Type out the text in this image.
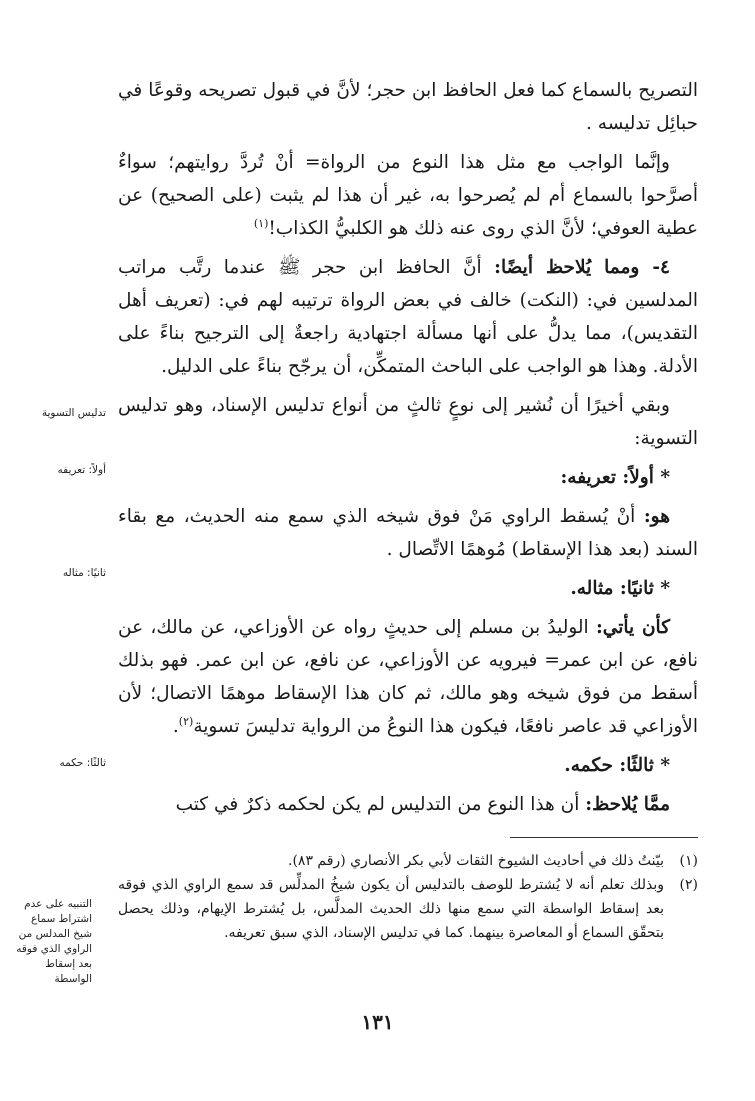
التصريح بالسماع كما فعل الحافظ ابن حجر؛ لأنَّ في قبول تصريحه وقوعًا في حبائِل تدليسه .

وإنَّما الواجب مع مثل هذا النوع من الرواة= أنْ تُردَّ روايتهم؛ سواءٌ أصرَّحوا بالسماع أم لم يُصرحوا به، غير أن هذا لم يثبت (على الصحيح) عن عطية العوفي؛ لأنَّ الذي روى عنه ذلك هو الكلبيُّ الكذاب!$^{(١)}$

٤- ومما يُلاحظ أيضًا: أنَّ الحافظ ابن حجر ﷺ عندما رتَّب مراتب المدلسين في: (النكت) خالف في بعض الرواة ترتيبه لهم في: (تعريف أهل التقديس)، مما يدلُّ على أنها مسألة اجتهادية راجعةٌ إلى الترجيح بناءً على الأدلة. وهذا هو الواجب على الباحث المتمكِّن، أن يرجّح بناءً على الدليل.

وبقي أخيرًا أن نُشير إلى نوعٍ ثالثٍ من أنواع تدليس الإسناد، وهو تدليس التسوية:

* أولاً: تعريفه:

هو: أنْ يُسقط الراوي مَنْ فوق شيخه الذي سمع منه الحديث، مع بقاء السند (بعد هذا الإسقاط) مُوهمًا الاتِّصال .

* ثانيًا: مثاله.

كأن يأتي: الوليدُ بن مسلم إلى حديثٍ رواه عن الأوزاعي، عن مالك، عن نافع، عن ابن عمر= فيرويه عن الأوزاعي، عن نافع، عن ابن عمر. فهو بذلك أسقط من فوق شيخه وهو مالك، ثم كان هذا الإسقاط موهمًا الاتصال؛ لأن الأوزاعي قد عاصر نافعًا، فيكون هذا النوعُ من الرواية تدليسَ تسوية$^{(٢)}$.

* ثالثًا: حكمه.

ممَّا يُلاحظ: أن هذا النوع من التدليس لم يكن لحكمه ذكرٌ في كتب

تدليس التسوية
أولاً: تعريفه
ثانيًا: مثاله
ثالثًا: حكمه
التنبيه على عدم اشتراط سماع شيخ المدلس من الراوي الذي فوقه بعد إسقاط الواسطة
(١)
بيّنتُ ذلك في أحاديث الشيوخ الثقات لأبي بكر الأنصاري (رقم ٨٣).
(٢)
وبذلك تعلم أنه لا يُشترط للوصف بالتدليس أن يكون شيخُ المدلِّس قد سمع الراوي الذي فوقه بعد إسقاط الواسطة التي سمع منها ذلك الحديث المدلَّس، بل يُشترط الإيهام، وذلك يحصل بتحقّق السماع أو المعاصرة بينهما. كما في تدليس الإسناد، الذي سبق تعريفه.
١٣١
